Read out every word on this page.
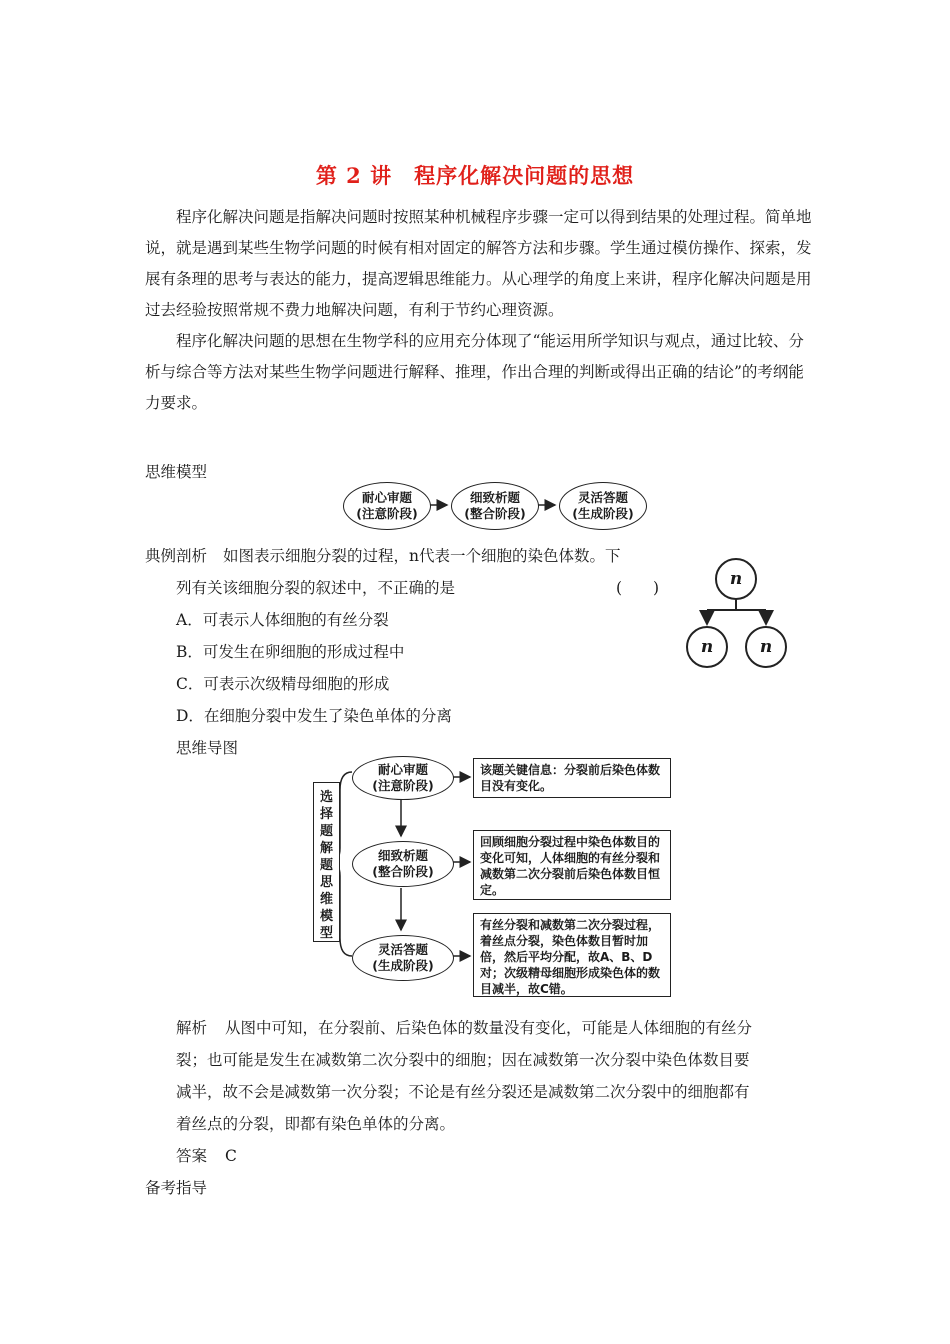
第 2 讲 程序化解决问题的思想
程序化解决问题是指解决问题时按照某种机械程序步骤一定可以得到结果的处理过程。简单地说，就是遇到某些生物学问题的时候有相对固定的解答方法和步骤。学生通过模仿操作、探索，发展有条理的思考与表达的能力，提高逻辑思维能力。从心理学的角度上来讲，程序化解决问题是用过去经验按照常规不费力地解决问题，有利于节约心理资源。
程序化解决问题的思想在生物学科的应用充分体现了“能运用所学知识与观点，通过比较、分析与综合等方法对某些生物学问题进行解释、推理，作出合理的判断或得出正确的结论”的考纲能力要求。
思维模型
耐心审题
(注意阶段)
细致析题
(整合阶段)
灵活答题
(生成阶段)
典例剖析 如图表示细胞分裂的过程，n代表一个细胞的染色体数。下
列有关该细胞分裂的叙述中，不正确的是	(　　)
A．可表示人体细胞的有丝分裂
B．可发生在卵细胞的形成过程中
C．可表示次级精母细胞的形成
D．在细胞分裂中发生了染色单体的分离
n
n	n
思维导图
选择题解题思维模型
耐心审题
(注意阶段)
细致析题
(整合阶段)
灵活答题
(生成阶段)
该题关键信息：分裂前后染色体数目没有变化。
回顾细胞分裂过程中染色体数目的变化可知，人体细胞的有丝分裂和减数第二次分裂前后染色体数目恒定。
有丝分裂和减数第二次分裂过程，着丝点分裂，染色体数目暂时加倍，然后平均分配，故A、B、D对；次级精母细胞形成染色体的数目减半，故C错。
解析 从图中可知，在分裂前、后染色体的数量没有变化，可能是人体细胞的有丝分
裂；也可能是发生在减数第二次分裂中的细胞；因在减数第一次分裂中染色体数目要
减半，故不会是减数第一次分裂；不论是有丝分裂还是减数第二次分裂中的细胞都有
着丝点的分裂，即都有染色单体的分离。
答案 C
备考指导
